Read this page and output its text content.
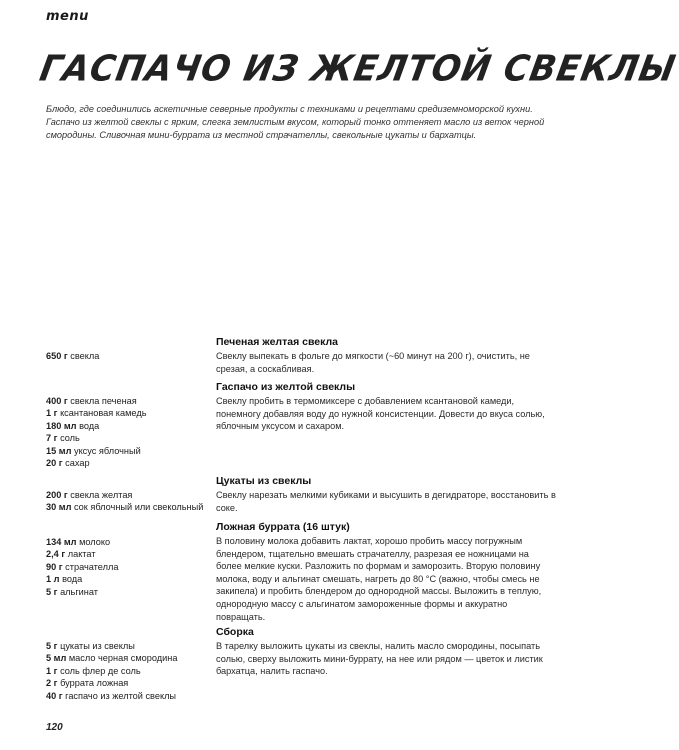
menu
ГАСПАЧО ИЗ ЖЕЛТОЙ СВЕКЛЫ

Блюдо, где соединились аскетичные северные продукты с техниками и рецептами средиземноморской кухни. Гаспачо из желтой свеклы с ярким, слегка землистым вкусом, который тонко оттеняет масло из веток черной смородины. Сливочная мини-буррата из местной страчателлы, свекольные цукаты и бархатцы.

650 г свекла
Печеная желтая свекла

Свеклу выпекать в фольге до мягкости (~60 минут на 200 г), очистить, не срезая, а соскабливая.

400 г свекла печеная
1 г ксантановая камедь
180 мл вода
7 г соль
15 мл уксус яблочный
20 г сахар
Гаспачо из желтой свеклы

Свеклу пробить в термомиксере с добавлением ксантановой камеди, понемногу добавляя воду до нужной консистенции. Довести до вкуса солью, яблочным уксусом и сахаром.

200 г свекла желтая
30 мл сок яблочный или свекольный
Цукаты из свеклы

Свеклу нарезать мелкими кубиками и высушить в дегидраторе, восстановить в соке.

134 мл молоко
2,4 г лактат
90 г страчателла
1 л вода
5 г альгинат
Ложная буррата (16 штук)

В половину молока добавить лактат, хорошо пробить массу погружным блендером, тщательно вмешать страчателлу, разрезая ее ножницами на более мелкие куски. Разложить по формам и заморозить. Вторую половину молока, воду и альгинат смешать, нагреть до 80 °С (важно, чтобы смесь не закипела) и пробить блендером до однородной массы. Выложить в теплую, однородную массу с альгинатом замороженные формы и аккуратно повращать.

5 г цукаты из свеклы
5 мл масло черная смородина
1 г соль флер де соль
2 г буррата ложная
40 г гаспачо из желтой свеклы
Сборка

В тарелку выложить цукаты из свеклы, налить масло смородины, посыпать солью, сверху выложить мини-буррату, на нее или рядом — цветок и листик бархатца, налить гаспачо.

120
